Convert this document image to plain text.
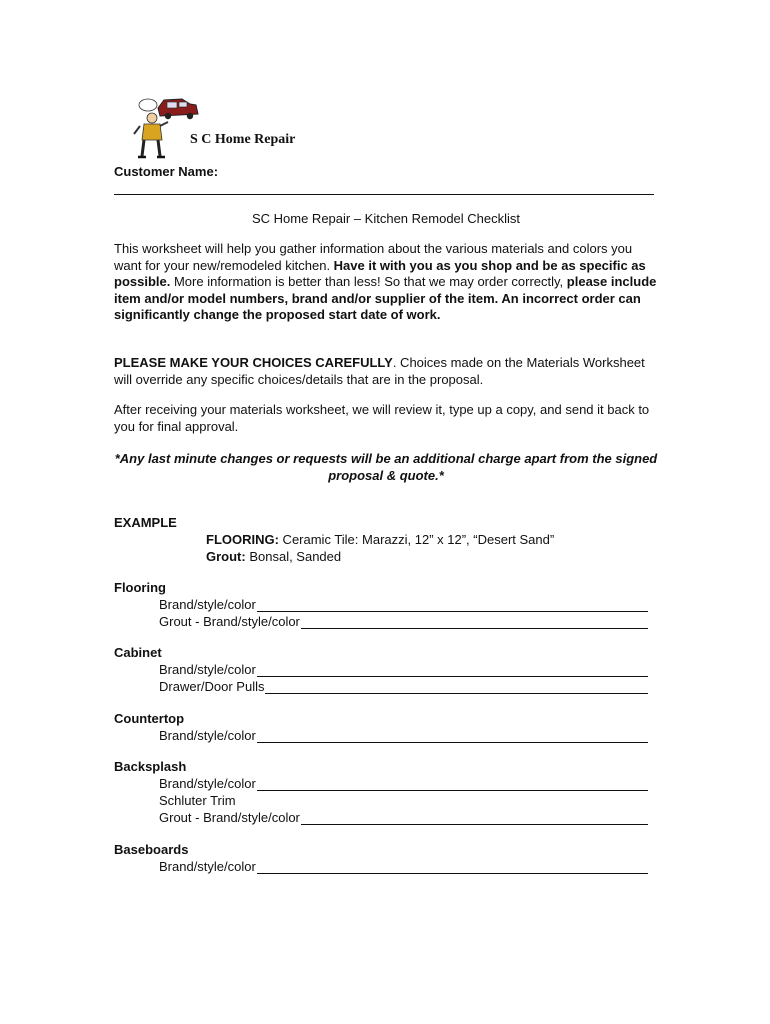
S C Home Repair
Customer Name:
SC Home Repair – Kitchen Remodel Checklist
This worksheet will help you gather information about the various materials and colors you want for your new/remodeled kitchen. Have it with you as you shop and be as specific as possible. More information is better than less! So that we may order correctly, please include item and/or model numbers, brand and/or supplier of the item. An incorrect order can significantly change the proposed start date of work.
PLEASE MAKE YOUR CHOICES CAREFULLY. Choices made on the Materials Worksheet will override any specific choices/details that are in the proposal.
After receiving your materials worksheet, we will review it, type up a copy, and send it back to you for final approval.
*Any last minute changes or requests will be an additional charge apart from the signed proposal & quote.*
EXAMPLE
FLOORING: Ceramic Tile: Marazzi, 12” x 12”, “Desert Sand”
Grout: Bonsal, Sanded
Flooring
Brand/style/color
Grout - Brand/style/color
Cabinet
Brand/style/color
Drawer/Door Pulls
Countertop
Brand/style/color
Backsplash
Brand/style/color
Schluter Trim
Grout - Brand/style/color
Baseboards
Brand/style/color
